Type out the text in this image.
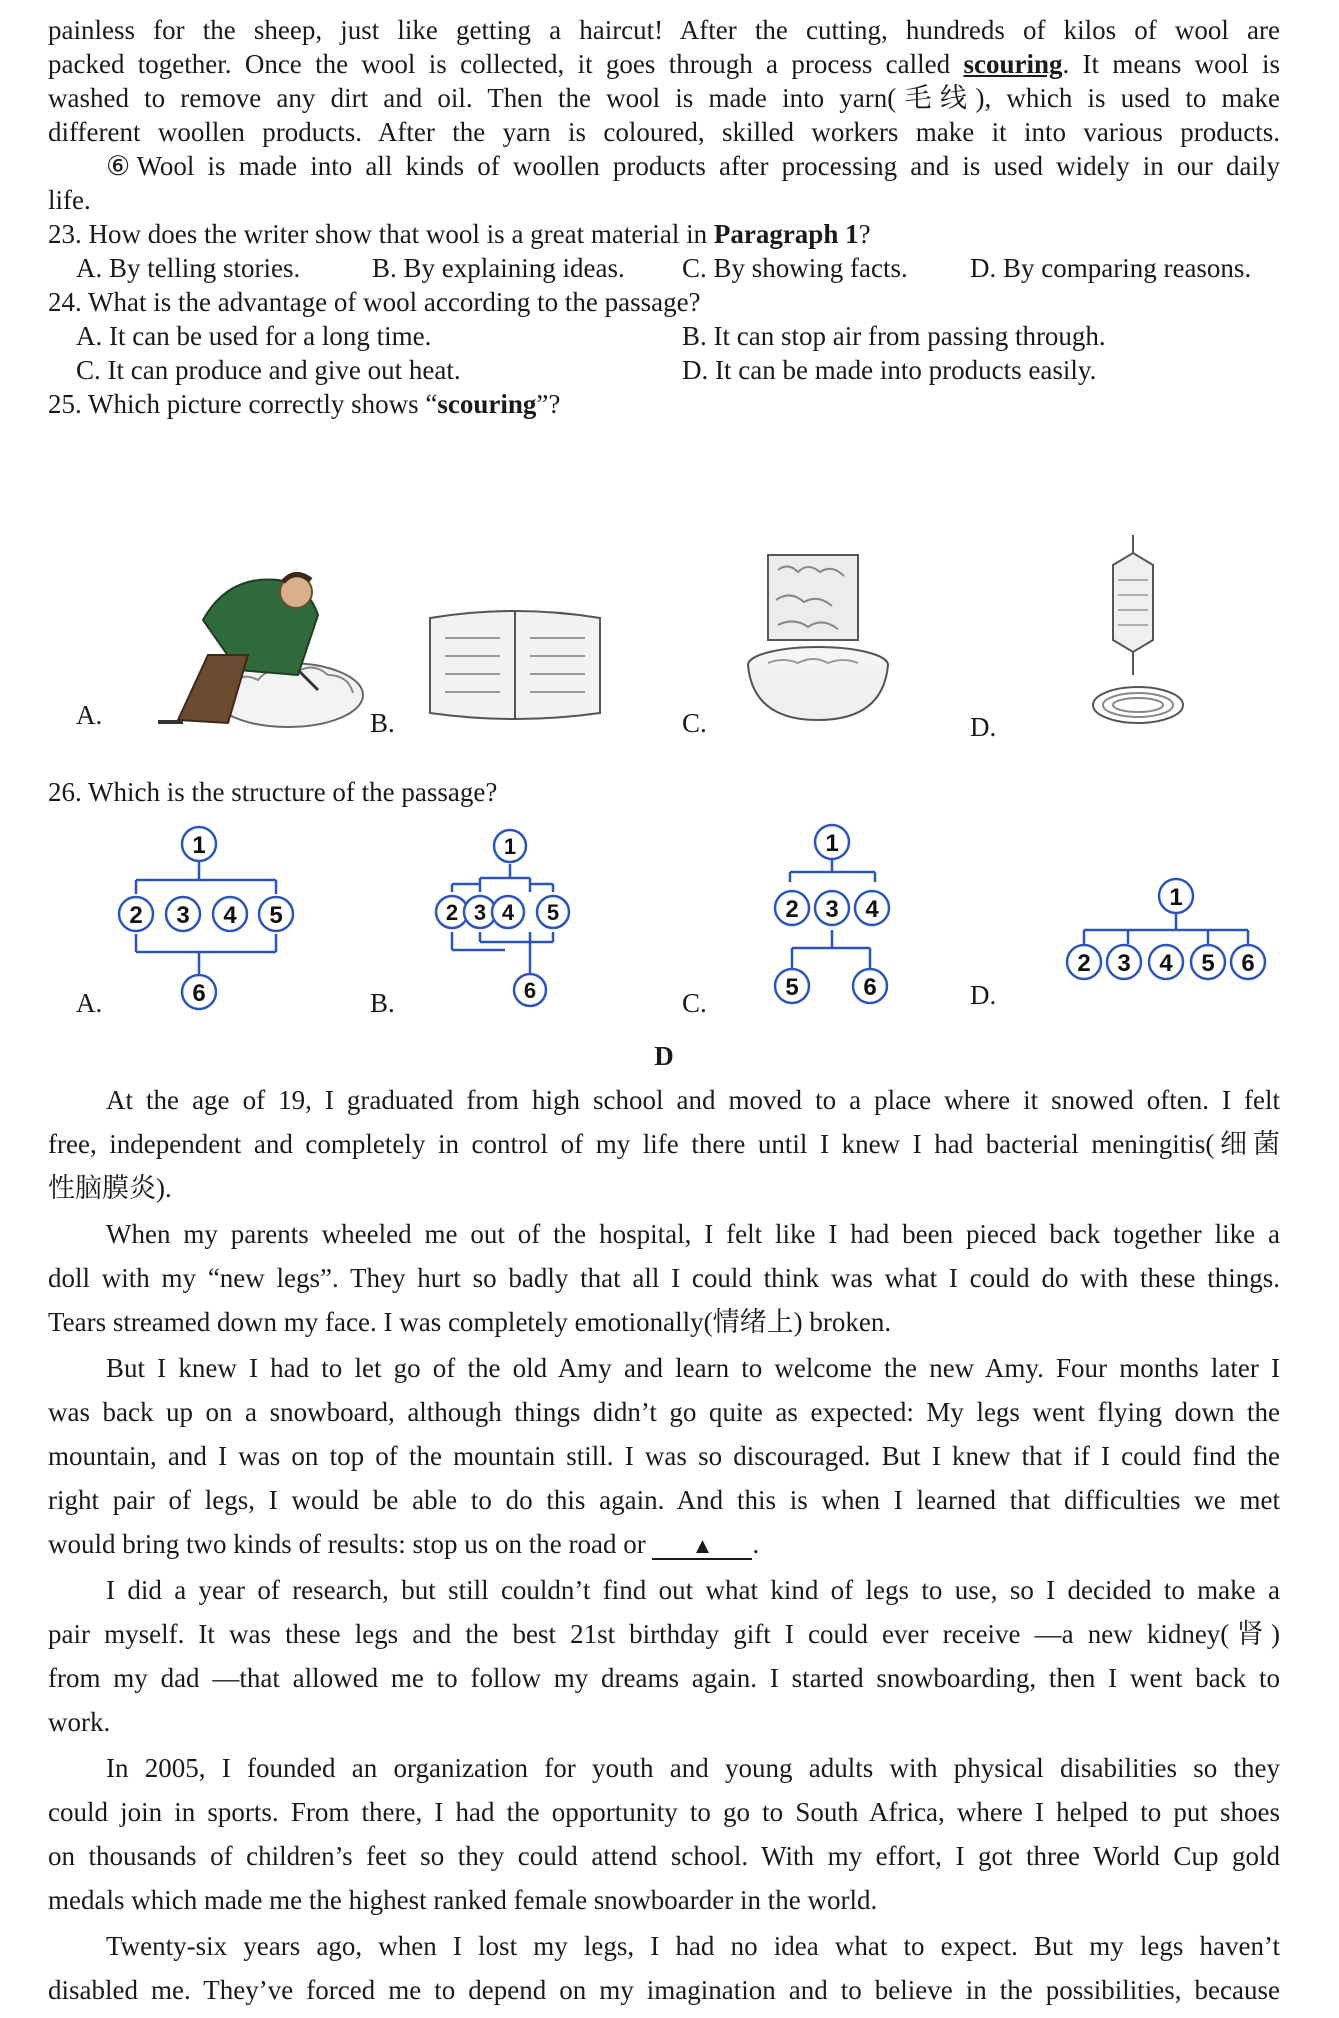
painless for the sheep, just like getting a haircut! After the cutting, hundreds of kilos of wool are
packed together. Once the wool is collected, it goes through a process called scouring. It means wool is
washed to remove any dirt and oil. Then the wool is made into yarn(毛线), which is used to make
different woollen products. After the yarn is coloured, skilled workers make it into various products.
⑥Wool is made into all kinds of woollen products after processing and is used widely in our daily
life.
23. How does the writer show that wool is a great material in Paragraph 1?
A. By telling stories.	B. By explaining ideas. C. By showing facts. D. By comparing reasons.
24. What is the advantage of wool according to the passage?
A. It can be used for a long time.	B. It can stop air from passing through.
C. It can produce and give out heat.	D. It can be made into products easily.
25. Which picture correctly shows “scouring”?
A.	B.	C.	D.
26. Which is the structure of the passage?
A.
1
2 3 4 5
6	B.
1
2 3 4 5
6	C.
1
2 3 4
5	6	D.
1
2 3 4 5 6
D
At the age of 19, I graduated from high school and moved to a place where it snowed often. I felt
free, independent and completely in control of my life there until I knew I had bacterial meningitis(细菌
性脑膜炎).
When my parents wheeled me out of the hospital, I felt like I had been pieced back together like a
doll with my “new legs”. They hurt so badly that all I could think was what I could do with these things.
Tears streamed down my face. I was completely emotionally(情绪上) broken.
But I knew I had to let go of the old Amy and learn to welcome the new Amy. Four months later I
was back up on a snowboard, although things didn’t go quite as expected: My legs went flying down the
mountain, and I was on top of the mountain still. I was so discouraged. But I knew that if I could find the
right pair of legs, I would be able to do this again. And this is when I learned that difficulties we met
would bring two kinds of results: stop us on the road or ▲ .
I did a year of research, but still couldn’t find out what kind of legs to use, so I decided to make a
pair myself. It was these legs and the best 21st birthday gift I could ever receive —a new kidney(肾)
from my dad —that allowed me to follow my dreams again. I started snowboarding, then I went back to
work.
In 2005, I founded an organization for youth and young adults with physical disabilities so they
could join in sports. From there, I had the opportunity to go to South Africa, where I helped to put shoes
on thousands of children’s feet so they could attend school. With my effort, I got three World Cup gold
medals which made me the highest ranked female snowboarder in the world.
Twenty-six years ago, when I lost my legs, I had no idea what to expect. But my legs haven’t
disabled me. They’ve forced me to depend on my imagination and to believe in the possibilities, because
